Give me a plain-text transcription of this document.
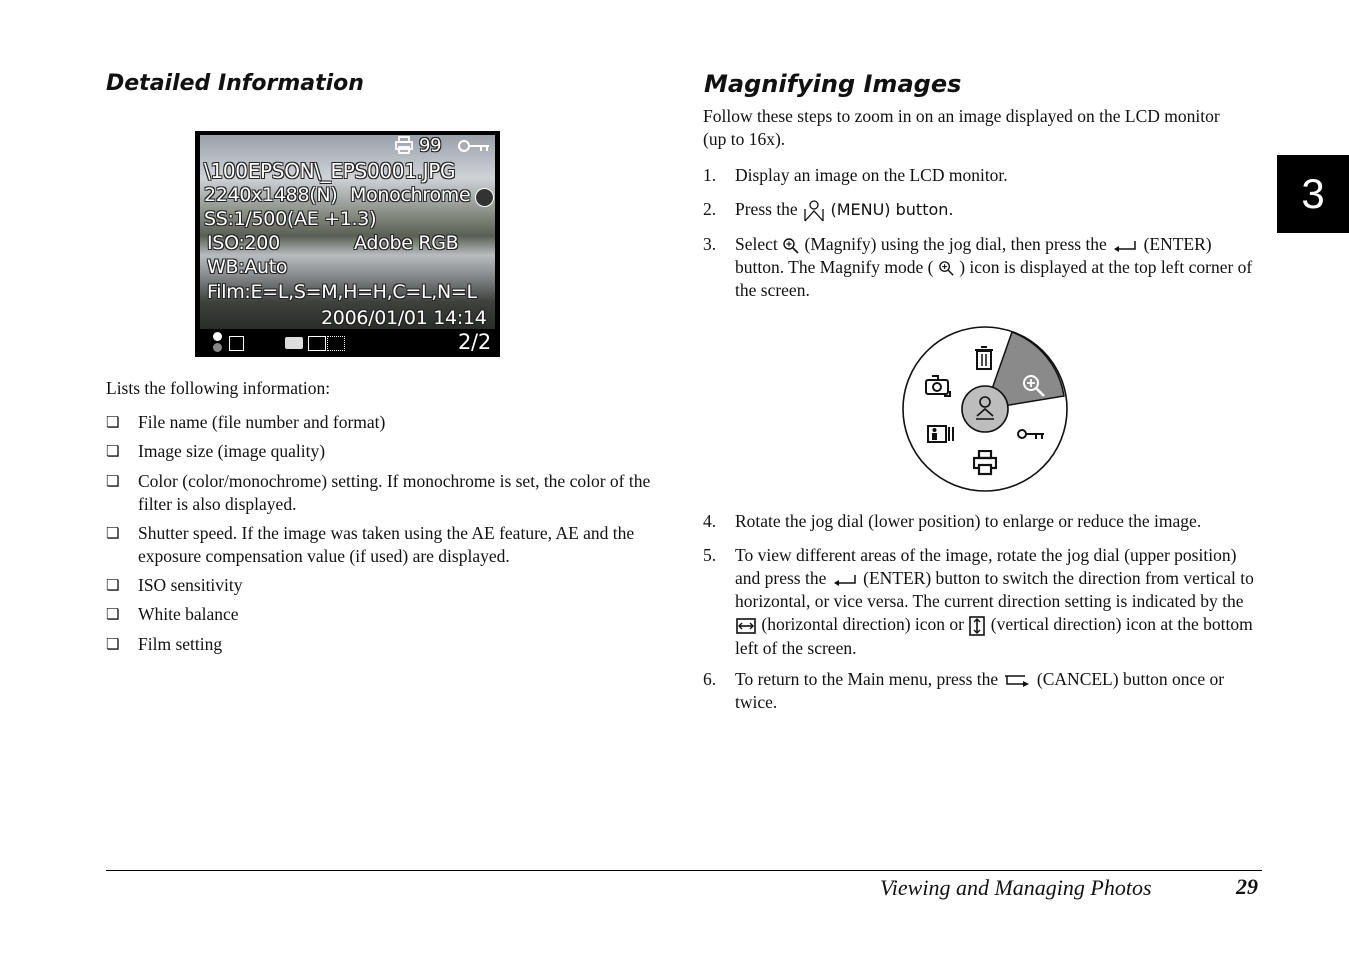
Detailed Information
99
\100EPSON\_EPS0001.JPG
2240x1488(N) Monochrome
SS:1/500(AE +1.3)
ISO:200	Adobe RGB
WB:Auto
Film:E=L,S=M,H=H,C=L,N=L
2006/01/01 14:14
2/2
Lists the following information:
❏ File name (file number and format)
❏ Image size (image quality)
❏ Color (color/monochrome) setting. If monochrome is set, the color of the filter is also displayed.
❏ Shutter speed. If the image was taken using the AE feature, AE and the exposure compensation value (if used) are displayed.
❏ ISO sensitivity
❏ White balance
❏ Film setting
Magnifying Images
Follow these steps to zoom in on an image displayed on the LCD monitor (up to 16x).
1. Display an image on the LCD monitor.
2. Press the (MENU) button.
3. Select (Magnify) using the jog dial, then press the (ENTER) button. The Magnify mode ( ) icon is displayed at the top left corner of the screen.
4. Rotate the jog dial (lower position) to enlarge or reduce the image.
5. To view different areas of the image, rotate the jog dial (upper position) and press the (ENTER) button to switch the direction from vertical to horizontal, or vice versa. The current direction setting is indicated by the  (horizontal direction) icon or (vertical direction) icon at the bottom left of the screen.
6. To return to the Main menu, press the (CANCEL) button once or twice.
3
Viewing and Managing Photos	29
